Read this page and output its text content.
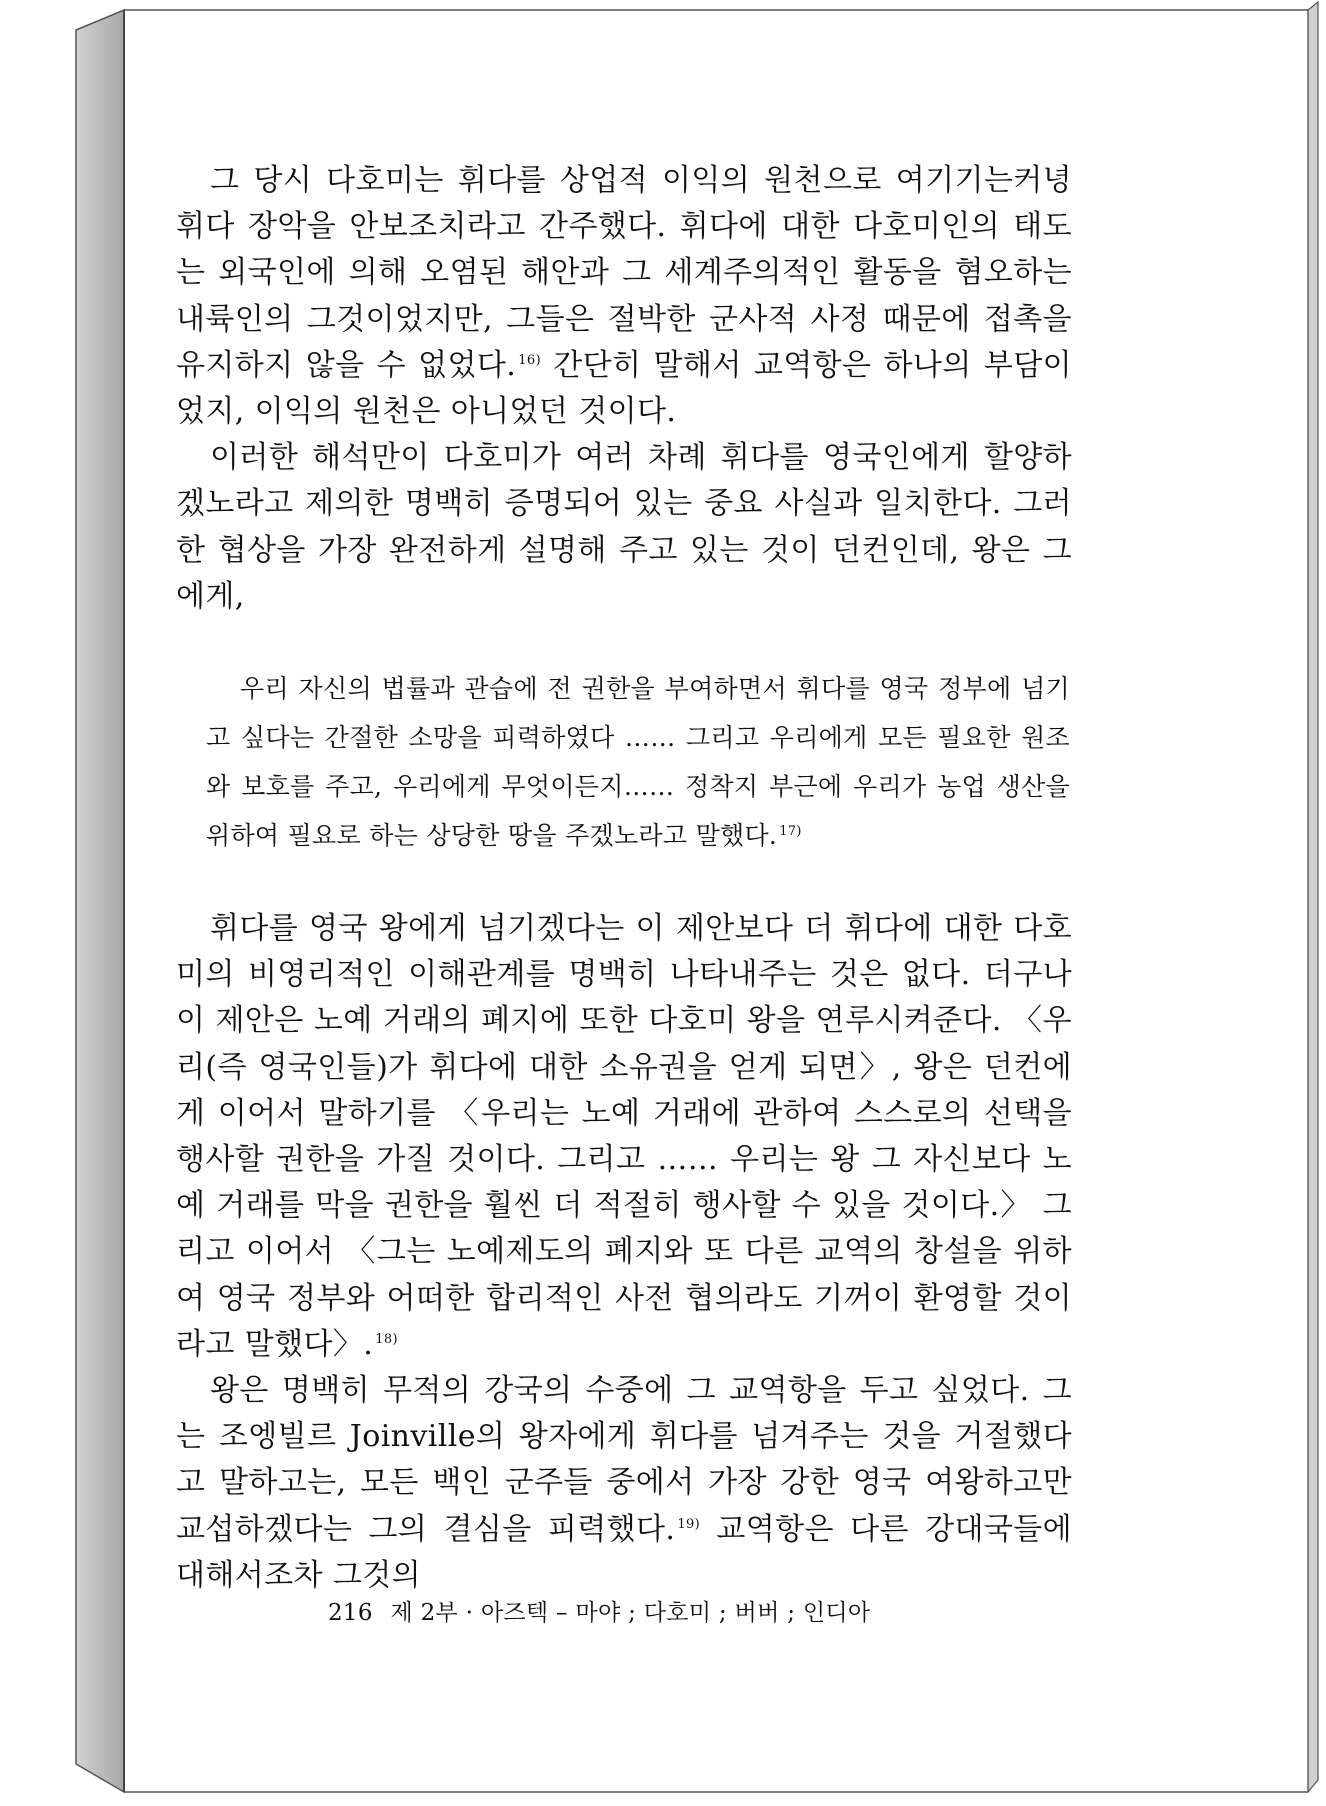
그 당시 다호미는 휘다를 상업적 이익의 원천으로 여기기는커녕 휘다 장악을 안보조치라고 간주했다. 휘다에 대한 다호미인의 태도는 외국인에 의해 오염된 해안과 그 세계주의적인 활동을 혐오하는 내륙인의 그것이었지만, 그들은 절박한 군사적 사정 때문에 접촉을 유지하지 않을 수 없었다. $^{16)}$ 간단히 말해서 교역항은 하나의 부담이었지, 이익의 원천은 아니었던 것이다.

이러한 해석만이 다호미가 여러 차례 휘다를 영국인에게 할양하겠노라고 제의한 명백히 증명되어 있는 중요 사실과 일치한다. 그러한 협상을 가장 완전하게 설명해 주고 있는 것이 던컨인데, 왕은 그에게,

우리 자신의 법률과 관습에 전 권한을 부여하면서 휘다를 영국 정부에 넘기고 싶다는 간절한 소망을 피력하였다 …… 그리고 우리에게 모든 필요한 원조와 보호를 주고, 우리에게 무엇이든지…… 정착지 부근에 우리가 농업 생산을 위하여 필요로 하는 상당한 땅을 주겠노라고 말했다. $^{17)}$

휘다를 영국 왕에게 넘기겠다는 이 제안보다 더 휘다에 대한 다호미의 비영리적인 이해관계를 명백히 나타내주는 것은 없다. 더구나 이 제안은 노예 거래의 폐지에 또한 다호미 왕을 연루시켜준다. 〈우리(즉 영국인들)가 휘다에 대한 소유권을 얻게 되면〉, 왕은 던컨에게 이어서 말하기를 〈우리는 노예 거래에 관하여 스스로의 선택을 행사할 권한을 가질 것이다. 그리고 …… 우리는 왕 그 자신보다 노예 거래를 막을 권한을 훨씬 더 적절히 행사할 수 있을 것이다.〉 그리고 이어서 〈그는 노예제도의 폐지와 또 다른 교역의 창설을 위하여 영국 정부와 어떠한 합리적인 사전 협의라도 기꺼이 환영할 것이라고 말했다〉. $^{18)}$

왕은 명백히 무적의 강국의 수중에 그 교역항을 두고 싶었다. 그는 조엥빌르 Joinville의 왕자에게 휘다를 넘겨주는 것을 거절했다고 말하고는, 모든 백인 군주들 중에서 가장 강한 영국 여왕하고만 교섭하겠다는 그의 결심을 피력했다. $^{19)}$ 교역항은 다른 강대국들에 대해서조차 그것의

216 제 2부 · 아즈텍 – 마야 ; 다호미 ; 버버 ; 인디아
